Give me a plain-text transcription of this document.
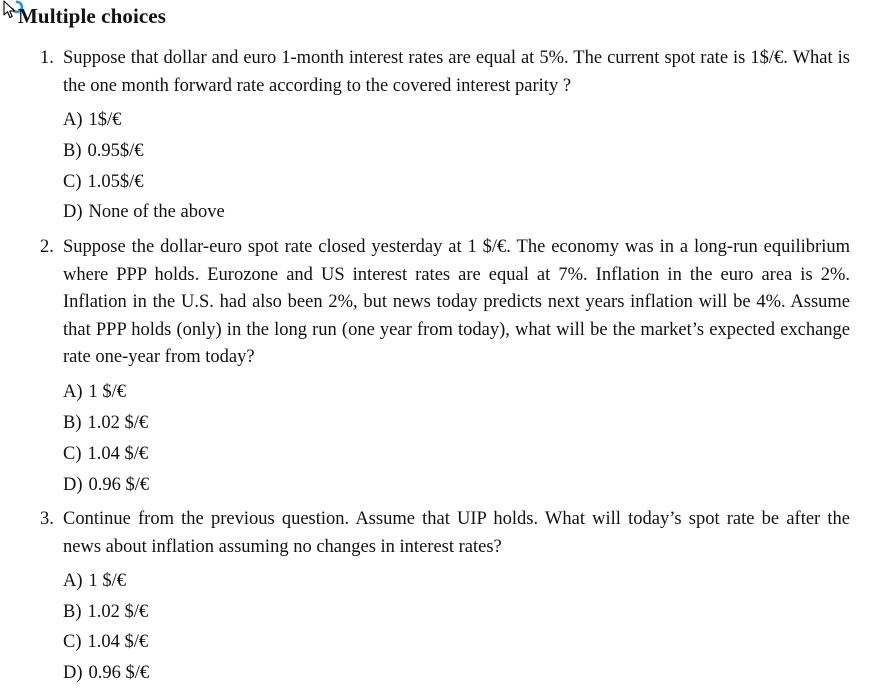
Multiple choices
1. Suppose that dollar and euro 1-month interest rates are equal at 5%. The current spot rate is 1$/€. What is the one month forward rate according to the covered interest parity ?
A) 1$/€
B) 0.95$/€
C) 1.05$/€
D) None of the above
2. Suppose the dollar-euro spot rate closed yesterday at 1 $/€. The economy was in a long-run equilibrium where PPP holds. Eurozone and US interest rates are equal at 7%. Inflation in the euro area is 2%. Inflation in the U.S. had also been 2%, but news today predicts next years inflation will be 4%. Assume that PPP holds (only) in the long run (one year from today), what will be the market’s expected exchange rate one-year from today?
A) 1 $/€
B) 1.02 $/€
C) 1.04 $/€
D) 0.96 $/€
3. Continue from the previous question. Assume that UIP holds. What will today’s spot rate be after the news about inflation assuming no changes in interest rates?
A) 1 $/€
B) 1.02 $/€
C) 1.04 $/€
D) 0.96 $/€
